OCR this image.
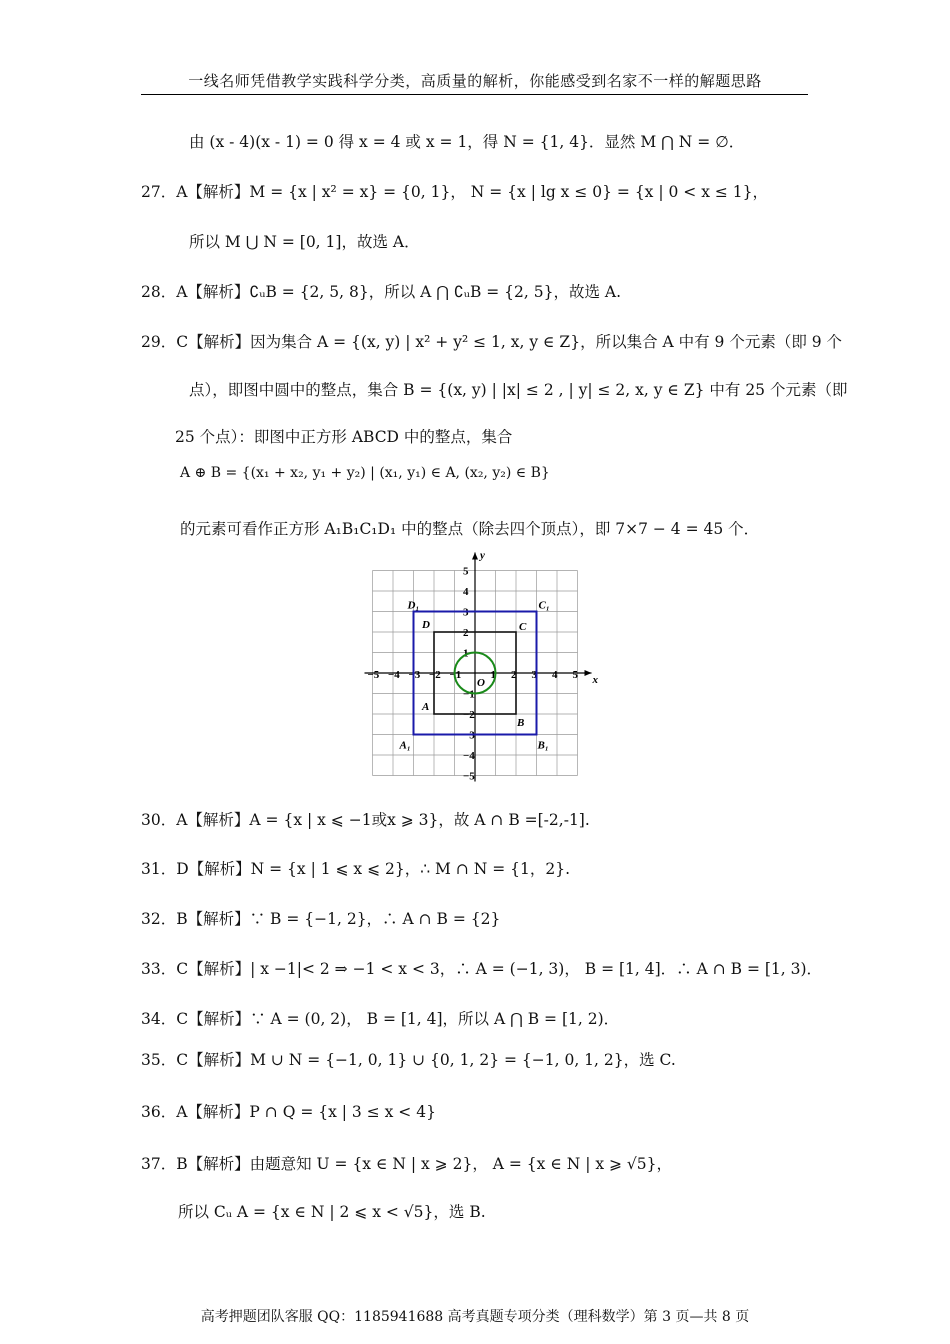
一线名师凭借教学实践科学分类，高质量的解析，你能感受到名家不一样的解题思路
由 (x - 4)(x - 1) = 0 得 x = 4 或 x = 1，得 N = {1, 4}．显然 M ⋂ N = ∅．
27．A【解析】M = {x | x² = x} = {0, 1}， N = {x | lg x ≤ 0} = {x | 0 < x ≤ 1}，
所以 M ⋃ N = [0, 1]，故选 A．
28．A【解析】∁ᵤB = {2, 5, 8}，所以 A ⋂ ∁ᵤB = {2, 5}，故选 A.
29．C【解析】因为集合 A = {(x, y) | x² + y² ≤ 1, x, y ∈ Z}，所以集合 A 中有 9 个元素（即 9 个
点），即图中圆中的整点，集合 B = {(x, y) | |x| ≤ 2 , | y| ≤ 2, x, y ∈ Z} 中有 25 个元素（即
25 个点）：即图中正方形 ABCD 中的整点，集合
A ⊕ B = {(x₁ + x₂, y₁ + y₂) | (x₁, y₁) ∈ A, (x₂, y₂) ∈ B}
的元素可看作正方形 A₁B₁C₁D₁ 中的整点（除去四个顶点），即 7×7 − 4 = 45 个．
x
y
O
−5 −4 −3 −2 −1	1 2 3 4 5
5
4
3
2
1
−1
−2
−3
−4
−5
A
B
C
D
A₁	B₁
C₁
D₁
30．A【解析】A = {x | x ⩽ −1或x ⩾ 3}，故 A ∩ B =[-2,-1].
31．D【解析】N = {x | 1 ⩽ x ⩽ 2}，∴ M ∩ N = {1，2}.
32．B【解析】∵ B = {−1, 2}，∴ A ∩ B = {2}
33．C【解析】| x −1|< 2 ⇒ −1 < x < 3，∴ A = (−1, 3)， B = [1, 4]．∴ A ∩ B = [1, 3)．
34．C【解析】∵ A = (0, 2)， B = [1, 4]，所以 A ⋂ B = [1, 2)．
35．C【解析】M ∪ N = {−1, 0, 1} ∪ {0, 1, 2} = {−1, 0, 1, 2}，选 C.
36．A【解析】P ∩ Q = {x | 3 ≤ x < 4}
37．B【解析】由题意知 U = {x ∈ N | x ⩾ 2}， A = {x ∈ N | x ⩾ √5}，
所以 Cᵤ A = {x ∈ N | 2 ⩽ x < √5}，选 B.
高考押题团队客服 QQ：1185941688 高考真题专项分类（理科数学）第 3 页—共 8 页
